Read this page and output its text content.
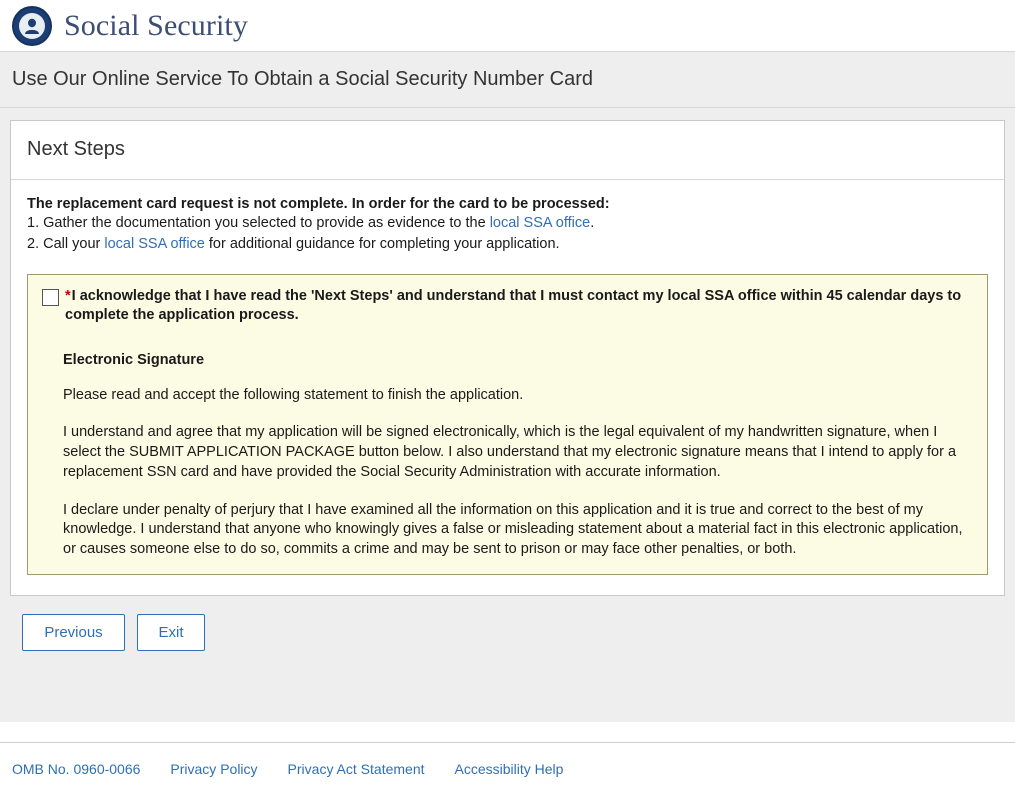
Social Security
Use Our Online Service To Obtain a Social Security Number Card
Next Steps

The replacement card request is not complete. In order for the card to be processed:

1. Gather the documentation you selected to provide as evidence to the local SSA office.
2. Call your local SSA office for additional guidance for completing your application.
*I acknowledge that I have read the 'Next Steps' and understand that I must contact my local SSA office within 45 calendar days to complete the application process.
Electronic Signature

Please read and accept the following statement to finish the application.

I understand and agree that my application will be signed electronically, which is the legal equivalent of my handwritten signature, when I select the SUBMIT APPLICATION PACKAGE button below. I also understand that my electronic signature means that I intend to apply for a replacement SSN card and have provided the Social Security Administration with accurate information.

I declare under penalty of perjury that I have examined all the information on this application and it is true and correct to the best of my knowledge. I understand that anyone who knowingly gives a false or misleading statement about a material fact in this electronic application, or causes someone else to do so, commits a crime and may be sent to prison or may face other penalties, or both.

Previous	Exit
OMB No. 0960-0066 Privacy Policy Privacy Act Statement Accessibility Help
